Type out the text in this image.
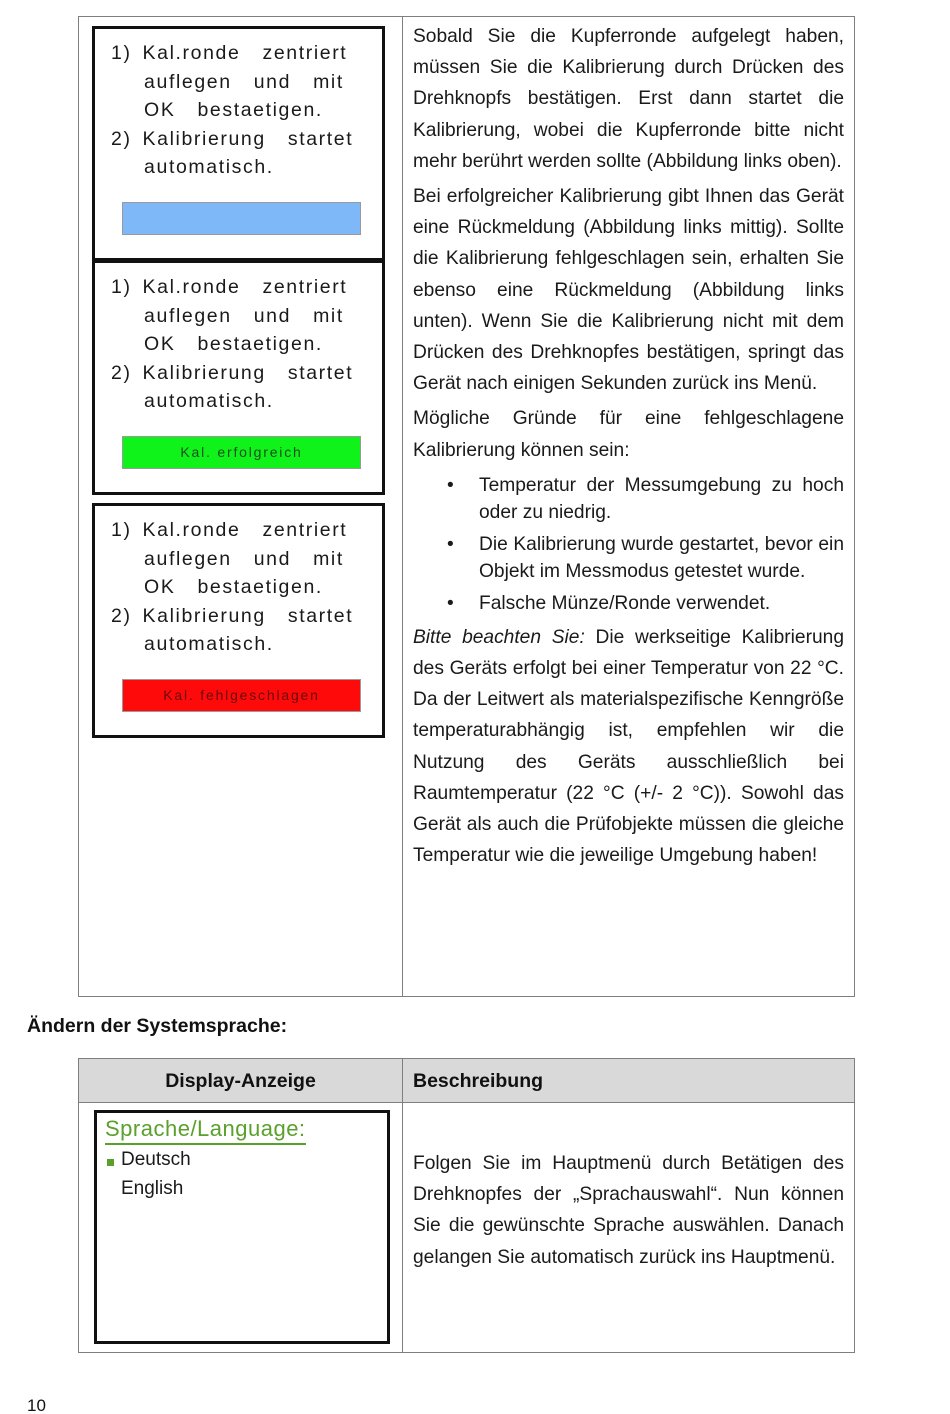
1) Kal.ronde  zentriert
auflegen  und  mit
OK  bestaetigen.
2) Kalibrierung  startet
automatisch.
1) Kal.ronde  zentriert
auflegen  und  mit
OK  bestaetigen.
2) Kalibrierung  startet
automatisch.
Kal. erfolgreich
1) Kal.ronde  zentriert
auflegen  und  mit
OK  bestaetigen.
2) Kalibrierung  startet
automatisch.
Kal. fehlgeschlagen

Sobald Sie die Kupferronde aufgelegt haben, müssen Sie die Kalibrierung durch Drücken des Drehknopfs bestätigen. Erst dann startet die Kalibrierung, wobei die Kupferronde bitte nicht mehr berührt werden sollte (Abbildung links oben).

Bei erfolgreicher Kalibrierung gibt Ihnen das Gerät eine Rückmeldung (Abbildung links mittig). Sollte die Kalibrierung fehlgeschlagen sein, erhalten Sie ebenso eine Rückmeldung (Abbildung links unten). Wenn Sie die Kalibrierung nicht mit dem Drücken des Drehknopfes bestätigen, springt das Gerät nach einigen Sekunden zurück ins Menü.

Mögliche Gründe für eine fehlgeschlagene Kalibrierung können sein:

• Temperatur der Messumgebung zu hoch oder zu niedrig.
• Die Kalibrierung wurde gestartet, bevor ein Objekt im Messmodus getestet wurde.
• Falsche Münze/Ronde verwendet.

Bitte beachten Sie: Die werkseitige Kalibrierung des Geräts erfolgt bei einer Temperatur von 22 °C. Da der Leitwert als materialspezifische Kenngröße temperaturabhängig ist, empfehlen wir die Nutzung des Geräts ausschließlich bei Raumtemperatur (22 °C (+/- 2 °C)). Sowohl das Gerät als auch die Prüfobjekte müssen die gleiche Temperatur wie die jeweilige Umgebung haben!

Ändern der Systemsprache:
Display-Anzeige	Beschreibung
Sprache/Language:
Deutsch
English
Folgen Sie im Hauptmenü durch Betätigen des Drehknopfes der „Sprachauswahl“. Nun können Sie die gewünschte Sprache auswählen. Danach gelangen Sie automatisch zurück ins Hauptmenü.
10
